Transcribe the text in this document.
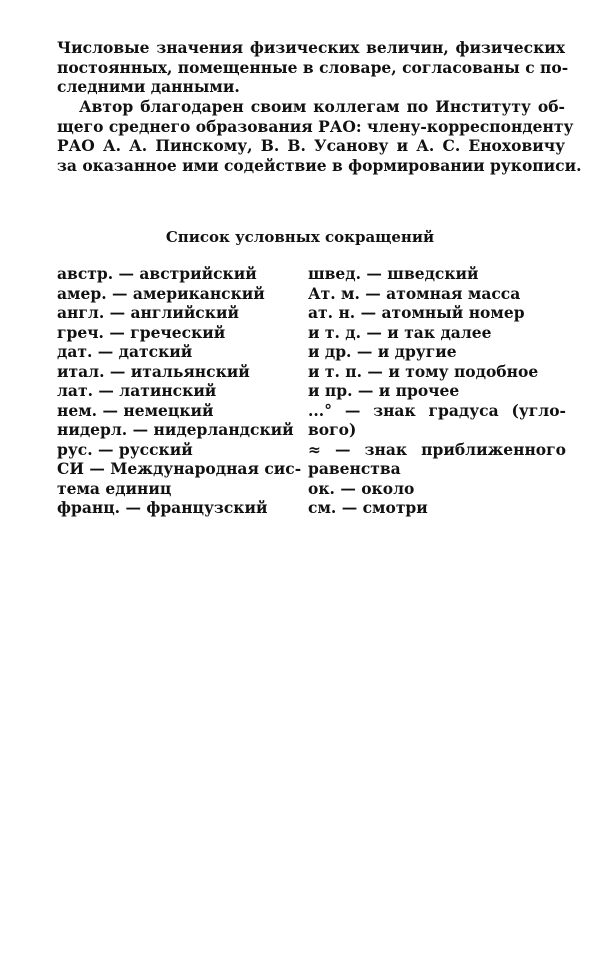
Числовые значения физических величин, физических
постоянных, помещенные в словаре, согласованы с по-
следними данными.
Автор благодарен своим коллегам по Институту об-
щего среднего образования РАО: члену-корреспонденту
РАО А. А. Пинскому, В. В. Усанову и А. С. Еноховичу
за оказанное ими содействие в формировании рукописи.
Список условных сокращений
австр. — австрийский
амер. — американский
англ. — английский
греч. — греческий
дат. — датский
итал. — итальянский
лат. — латинский
нем. — немецкий
нидерл. — нидерландский
рус. — русский
СИ — Международная сис-
тема единиц
франц. — французский
швед. — шведский
Ат. м. — атомная масса
ат. н. — атомный номер
и т. д. — и так далее
и др. — и другие
и т. п. — и тому подобное
и пр. — и прочее
...° — знак градуса (угло-
вого)
≈ — знак приближенного
равенства
ок. — около
см. — смотри
